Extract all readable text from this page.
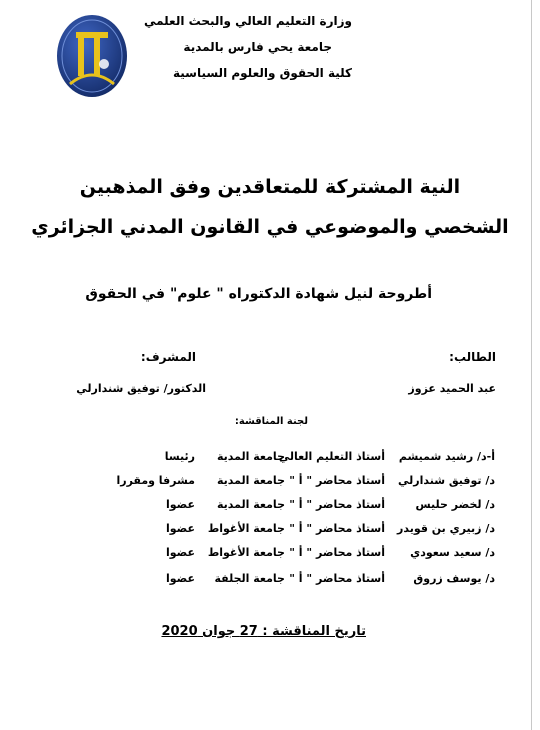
وزارة التعليم العالي والبحث العلمي
جامعة يحي فارس بالمدية
كلية الحقوق والعلوم السياسية
النية المشتركة للمتعاقدين وفق المذهبين
الشخصي والموضوعي في القانون المدني الجزائري
أطروحة لنيل شهادة الدكتوراه " علوم" في الحقوق
الطالب:
المشرف:
عبد الحميد عزوز
الدكتور/ توفيق شندارلي
لجنة المناقشة:
أ-د/ رشيد شميشم
أستاذ التعليم العالي
جامعة المدية
رئيسا
د/ توفيق شندارلي
أستاذ محاضر " أ "
جامعة المدية
مشرفا ومقررا
د/ لخضر حليس
أستاذ محاضر " أ "
جامعة المدية
عضوا
د/ زبيري بن قويدر
أستاذ محاضر " أ "
جامعة الأغواط
عضوا
د/ سعيد سعودي
أستاذ محاضر " أ "
جامعة الأغواط
عضوا
د/ يوسف زروق
أستاذ محاضر " أ "
جامعة الجلفة
عضوا
تاريخ المناقشة : 27 جوان 2020
